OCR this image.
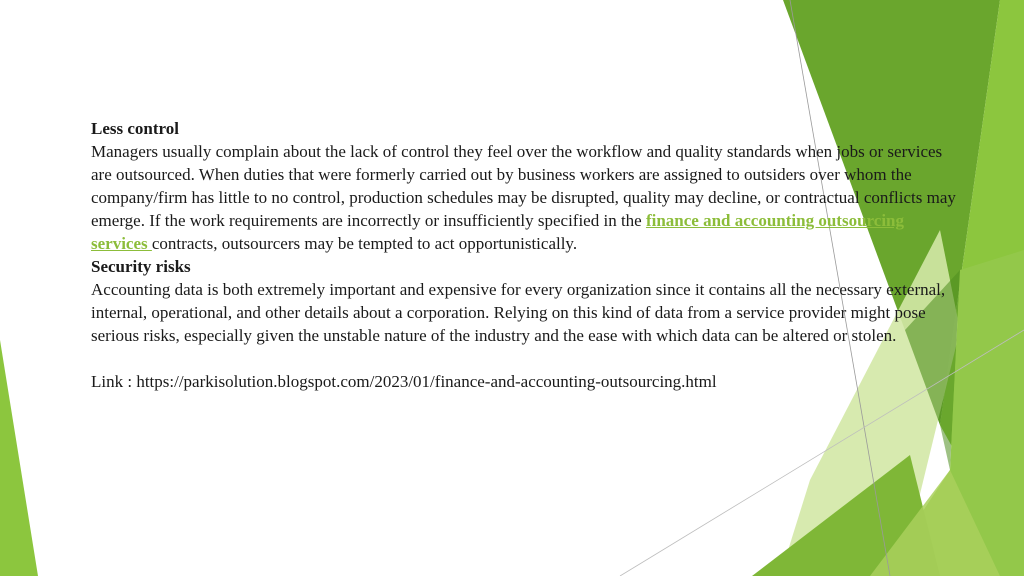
Less control

Managers usually complain about the lack of control they feel over the workflow and quality standards when jobs or services are outsourced. When duties that were formerly carried out by business workers are assigned to outsiders over whom the company/firm has little to no control, production schedules may be disrupted, quality may decline, or contractual conflicts may emerge. If the work requirements are incorrectly or insufficiently specified in the finance and accounting outsourcing services contracts, outsourcers may be tempted to act opportunistically.

Security risks

Accounting data is both extremely important and expensive for every organization since it contains all the necessary external, internal, operational, and other details about a corporation. Relying on this kind of data from a service provider might pose serious risks, especially given the unstable nature of the industry and the ease with which data can be altered or stolen.

Link : https://parkisolution.blogspot.com/2023/01/finance-and-accounting-outsourcing.html
